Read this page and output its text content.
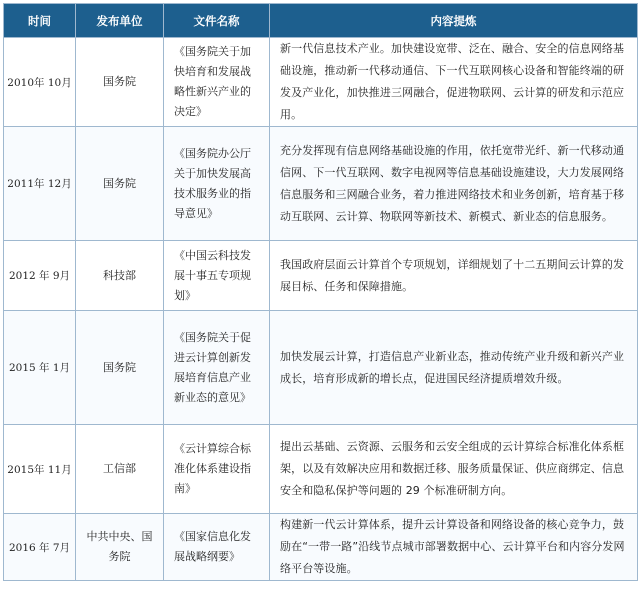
时间	发布单位	文件名称	内容提炼
2010年 10月	国务院	《国务院关于加快培育和发展战略性新兴产业的决定》	新一代信息技术产业。加快建设宽带、泛在、融合、安全的信息网络基础设施，推动新一代移动通信、下一代互联网核心设备和智能终端的研发及产业化，加快推进三网融合，促进物联网、云计算的研发和示范应用。
2011年 12月	国务院	《国务院办公厅关于加快发展高技术服务业的指导意见》	充分发挥现有信息网络基础设施的作用，依托宽带光纤、新一代移动通信网、下一代互联网、数字电视网等信息基础设施建设，大力发展网络信息服务和三网融合业务，着力推进网络技术和业务创新，培育基于移动互联网、云计算、物联网等新技术、新模式、新业态的信息服务。
2012 年 9月	科技部	《中国云科技发展十事五专项规划》	我国政府层面云计算首个专项规划，详细规划了十二五期间云计算的发展目标、任务和保障措施。
2015 年 1月	国务院	《国务院关于促进云计算创新发展培育信息产业新业态的意见》	加快发展云计算，打造信息产业新业态，推动传统产业升级和新兴产业成长，培育形成新的增长点，促进国民经济提质增效升级。
2015年 11月	工信部	《云计算综合标准化体系建设指南》	提出云基础、云资源、云服务和云安全组成的云计算综合标准化体系框架，以及有效解决应用和数据迁移、服务质量保证、供应商绑定、信息安全和隐私保护等问题的 29 个标准研制方向。
2016 年 7月	中共中央、国务院	《国家信息化发展战略纲要》	构建新一代云计算体系，提升云计算设备和网络设备的核心竞争力，鼓励在“一带一路”沿线节点城市部署数据中心、云计算平台和内容分发网络平台等设施。
